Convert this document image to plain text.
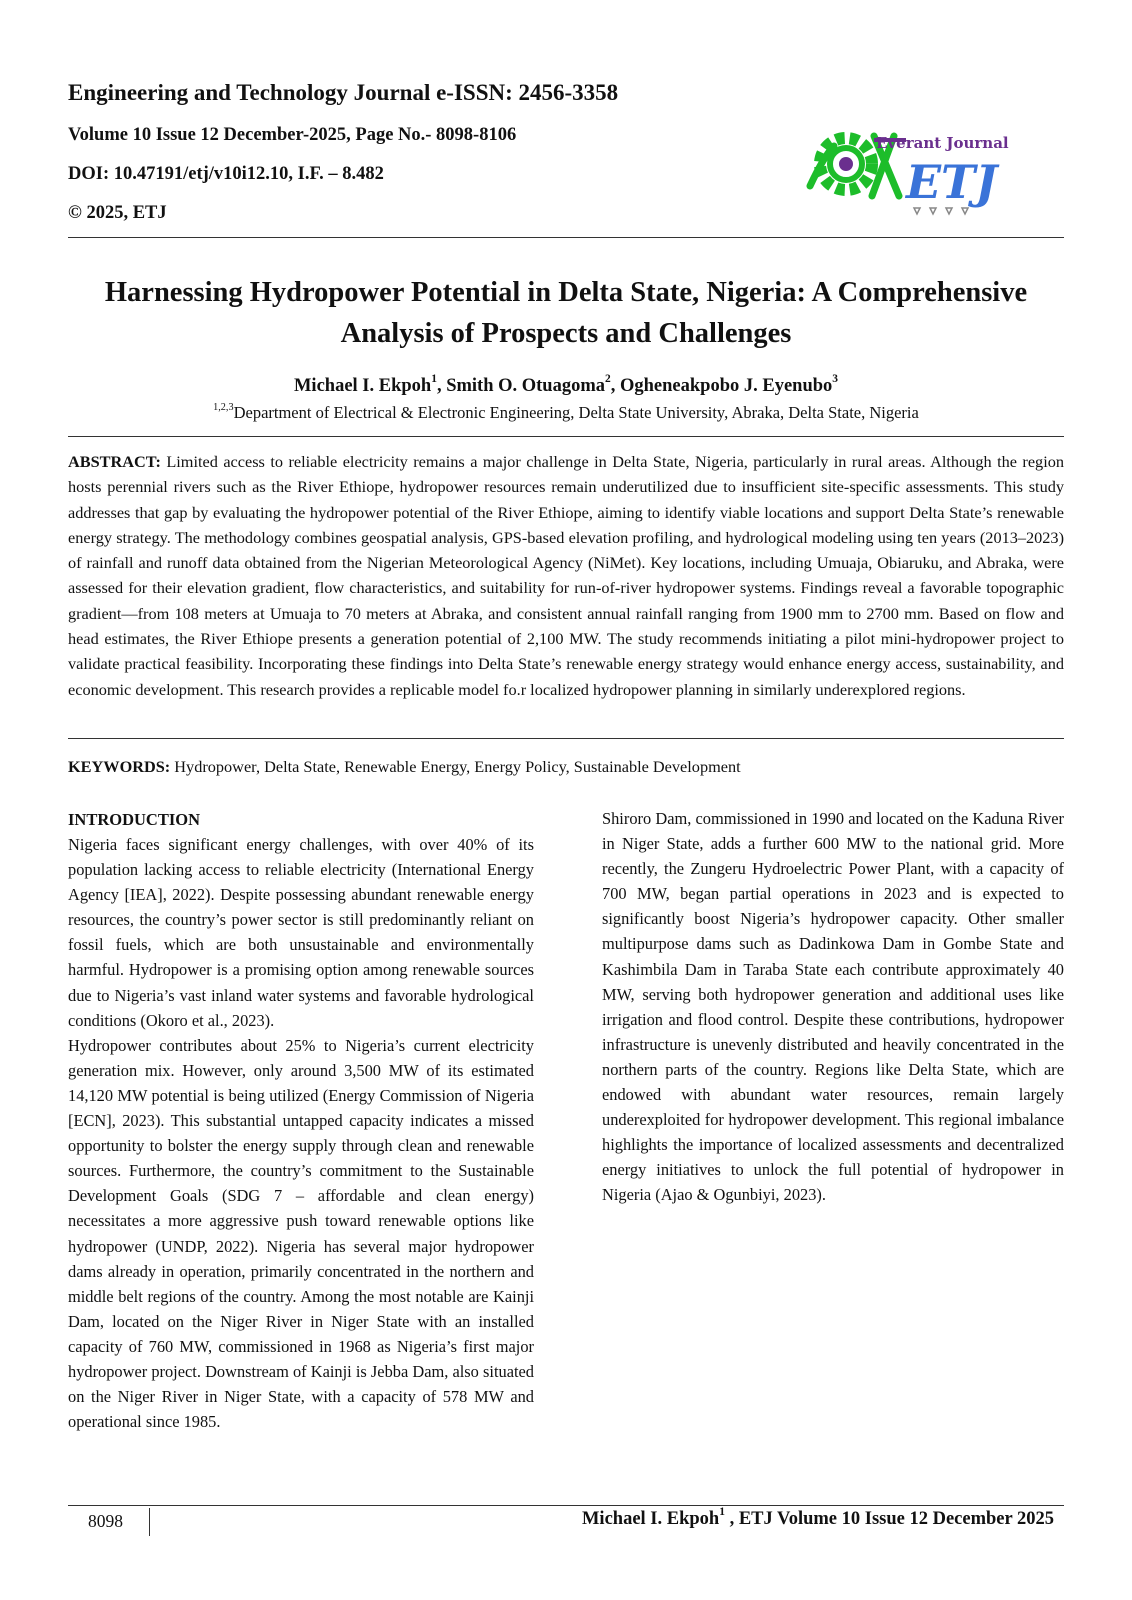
Engineering and Technology Journal e-ISSN: 2456-3358
Volume 10 Issue 12 December-2025, Page No.- 8098-8106
DOI: 10.47191/etj/v10i12.10, I.F. – 8.482
© 2025, ETJ
Everant Journal
ETJ
Harnessing Hydropower Potential in Delta State, Nigeria: A Comprehensive
Analysis of Prospects and Challenges
Michael I. Ekpoh$^1$, Smith O. Otuagoma$^2$, Ogheneakpobo J. Eyenubo$^3$
$^{1,2,3}$Department of Electrical & Electronic Engineering, Delta State University, Abraka, Delta State, Nigeria
ABSTRACT: Limited access to reliable electricity remains a major challenge in Delta State, Nigeria, particularly in rural areas. Although the region hosts perennial rivers such as the River Ethiope, hydropower resources remain underutilized due to insufficient site-specific assessments. This study addresses that gap by evaluating the hydropower potential of the River Ethiope, aiming to identify viable locations and support Delta State’s renewable energy strategy. The methodology combines geospatial analysis, GPS-based elevation profiling, and hydrological modeling using ten years (2013–2023) of rainfall and runoff data obtained from the Nigerian Meteorological Agency (NiMet). Key locations, including Umuaja, Obiaruku, and Abraka, were assessed for their elevation gradient, flow characteristics, and suitability for run-of-river hydropower systems. Findings reveal a favorable topographic gradient—from 108 meters at Umuaja to 70 meters at Abraka, and consistent annual rainfall ranging from 1900 mm to 2700 mm. Based on flow and head estimates, the River Ethiope presents a generation potential of 2,100 MW. The study recommends initiating a pilot mini-hydropower project to validate practical feasibility. Incorporating these findings into Delta State’s renewable energy strategy would enhance energy access, sustainability, and economic development. This research provides a replicable model fo.r localized hydropower planning in similarly underexplored regions.
KEYWORDS: Hydropower, Delta State, Renewable Energy, Energy Policy, Sustainable Development
INTRODUCTION

Nigeria faces significant energy challenges, with over 40% of its population lacking access to reliable electricity (International Energy Agency [IEA], 2022). Despite possessing abundant renewable energy resources, the country’s power sector is still predominantly reliant on fossil fuels, which are both unsustainable and environmentally harmful. Hydropower is a promising option among renewable sources due to Nigeria’s vast inland water systems and favorable hydrological conditions (Okoro et al., 2023).

Hydropower contributes about 25% to Nigeria’s current electricity generation mix. However, only around 3,500 MW of its estimated 14,120 MW potential is being utilized (Energy Commission of Nigeria [ECN], 2023). This substantial untapped capacity indicates a missed opportunity to bolster the energy supply through clean and renewable sources. Furthermore, the country’s commitment to the Sustainable Development Goals (SDG 7 – affordable and clean energy) necessitates a more aggressive push toward renewable options like hydropower (UNDP, 2022). Nigeria has several major hydropower dams already in operation, primarily concentrated in the northern and middle belt regions of the country. Among the most notable are Kainji Dam, located on the Niger River in Niger State with an installed capacity of 760 MW, commissioned in 1968 as Nigeria’s first major hydropower project. Downstream of Kainji is Jebba Dam, also situated on the Niger River in Niger State, with a capacity of 578 MW and operational since 1985.

Shiroro Dam, commissioned in 1990 and located on the Kaduna River in Niger State, adds a further 600 MW to the national grid. More recently, the Zungeru Hydroelectric Power Plant, with a capacity of 700 MW, began partial operations in 2023 and is expected to significantly boost Nigeria’s hydropower capacity. Other smaller multipurpose dams such as Dadinkowa Dam in Gombe State and Kashimbila Dam in Taraba State each contribute approximately 40 MW, serving both hydropower generation and additional uses like irrigation and flood control. Despite these contributions, hydropower infrastructure is unevenly distributed and heavily concentrated in the northern parts of the country. Regions like Delta State, which are endowed with abundant water resources, remain largely underexploited for hydropower development. This regional imbalance highlights the importance of localized assessments and decentralized energy initiatives to unlock the full potential of hydropower in Nigeria (Ajao & Ogunbiyi, 2023).

8098	Michael I. Ekpoh$^1$ , ETJ Volume 10 Issue 12 December 2025
